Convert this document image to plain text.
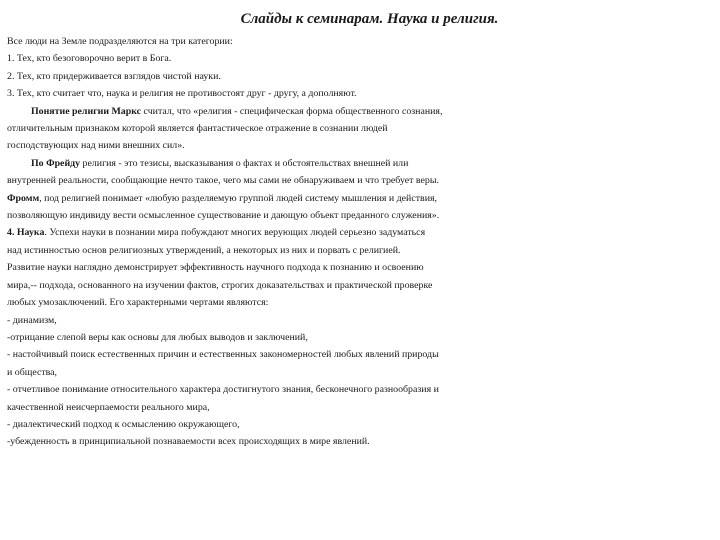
Слайды к семинарам. Наука и религия.
Все люди на Земле подразделяются на три категории:
1. Тех, кто безоговорочно верит в Бога.
2. Тех, кто придерживается взглядов чистой науки.
3. Тех, кто считает что, наука и религия не противостоят друг - другу, а дополняют.
Понятие религии Маркс считал, что «религия - специфическая форма общественного сознания,
отличительным признаком которой является фантастическое отражение в сознании людей
господствующих над ними внешних сил».
По Фрейду религия - это тезисы, высказывания о фактах и обстоятельствах внешней или
внутренней реальности, сообщающие нечто такое, чего мы сами не обнаруживаем и что требует веры.
Фромм, под религией понимает «любую разделяемую группой людей систему мышления и действия,
позволяющую индивиду вести осмысленное существование и дающую объект преданного служения».
4. Наука. Успехи науки в познании мира побуждают многих верующих людей серьезно задуматься
над истинностью основ религиозных утверждений, а некоторых из них и порвать с религией.
Развитие науки наглядно демонстрирует эффективность научного подхода к познанию и освоению
мира,-- подхода, основанного на изучении фактов, строгих доказательствах и практической проверке
любых умозаключений. Его характерными чертами являются:
- динамизм,
-отрицание слепой веры как основы для любых выводов и заключений,
- настойчивый поиск естественных причин и естественных закономерностей любых явлений природы
и общества,
- отчетливое понимание относительного характера достигнутого знания, бесконечного разнообразия и
качественной неисчерпаемости реального мира,
- диалектический подход к осмыслению окружающего,
-убежденность в принципиальной познаваемости всех происходящих в мире явлений.
